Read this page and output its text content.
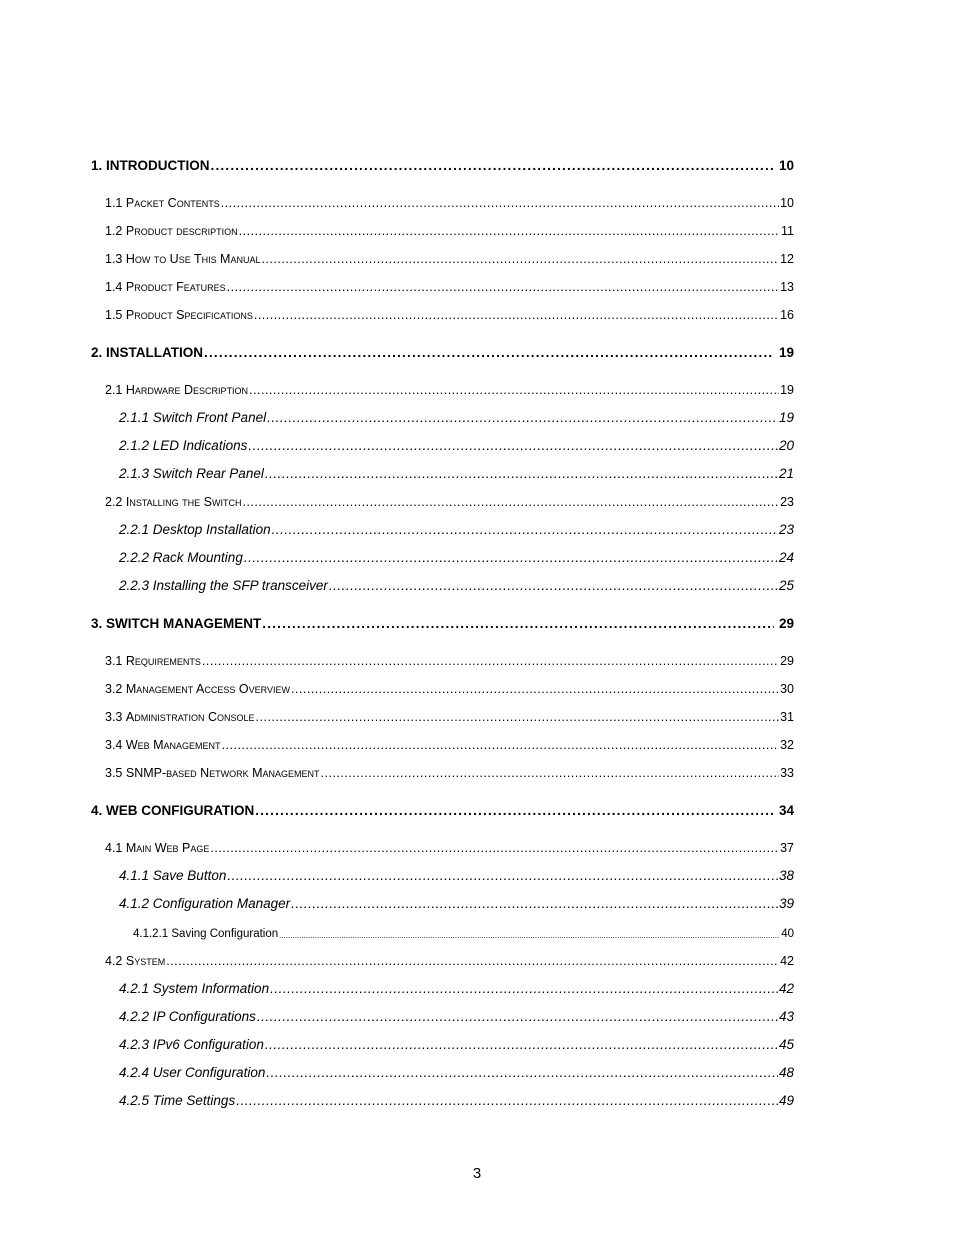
1. INTRODUCTION .....	10
1.1 Packet Contents .....	10
1.2 Product description .....	11
1.3 How to Use This Manual .....	12
1.4 Product Features .....	13
1.5 Product Specifications .....	16
2. INSTALLATION .....	19
2.1 Hardware Description .....	19
2.1.1 Switch Front Panel .....	19
2.1.2 LED Indications .....	20
2.1.3 Switch Rear Panel .....	21
2.2 Installing the Switch .....	23
2.2.1 Desktop Installation .....	23
2.2.2 Rack Mounting .....	24
2.2.3 Installing the SFP transceiver .....	25
3. SWITCH MANAGEMENT .....	29
3.1 Requirements .....	29
3.2 Management Access Overview .....	30
3.3 Administration Console .....	31
3.4 Web Management .....	32
3.5 SNMP-based Network Management .....	33
4. WEB CONFIGURATION .....	34
4.1 Main Web Page .....	37
4.1.1 Save Button .....	38
4.1.2 Configuration Manager .....	39
4.1.2.1 Saving Configuration .....	40
4.2 System .....	42
4.2.1 System Information .....	42
4.2.2 IP Configurations .....	43
4.2.3 IPv6 Configuration .....	45
4.2.4 User Configuration .....	48
4.2.5 Time Settings .....	49
3
